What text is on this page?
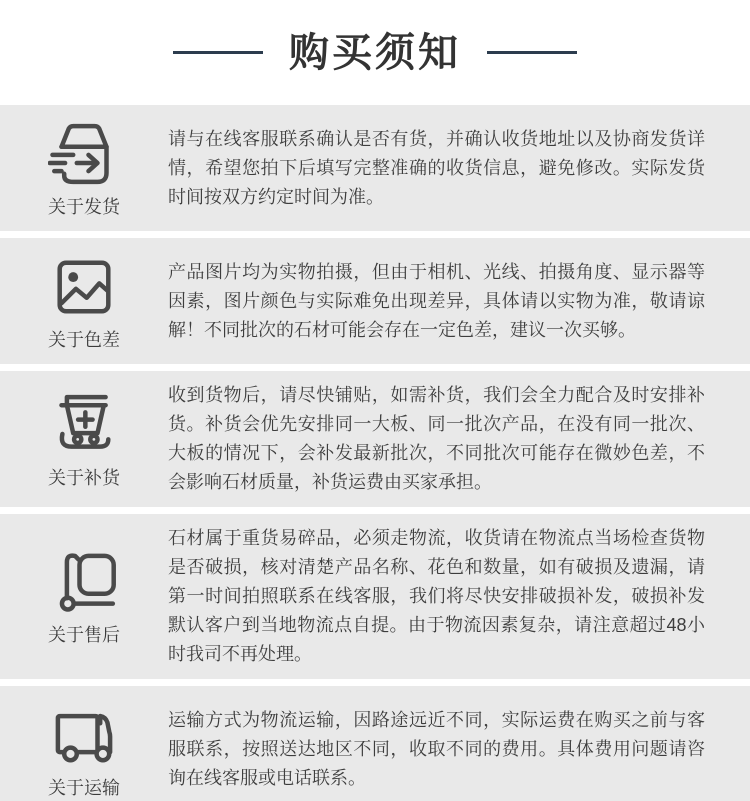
购买须知
关于发货

请与在线客服联系确认是否有货，并确认收货地址以及协商发货详情，希望您拍下后填写完整准确的收货信息，避免修改。实际发货时间按双方约定时间为准。

关于色差

产品图片均为实物拍摄，但由于相机、光线、拍摄角度、显示器等因素，图片颜色与实际难免出现差异，具体请以实物为准，敬请谅解！不同批次的石材可能会存在一定色差，建议一次买够。

关于补货

收到货物后，请尽快铺贴，如需补货，我们会全力配合及时安排补货。补货会优先安排同一大板、同一批次产品，在没有同一批次、大板的情况下，会补发最新批次，不同批次可能存在微妙色差，不会影响石材质量，补货运费由买家承担。

关于售后

石材属于重货易碎品，必须走物流，收货请在物流点当场检查货物是否破损，核对清楚产品名称、花色和数量，如有破损及遗漏，请第一时间拍照联系在线客服，我们将尽快安排破损补发，破损补发默认客户到当地物流点自提。由于物流因素复杂，请注意超过48小时我司不再处理。

关于运输

运输方式为物流运输，因路途远近不同，实际运费在购买之前与客服联系，按照送达地区不同，收取不同的费用。具体费用问题请咨询在线客服或电话联系。
